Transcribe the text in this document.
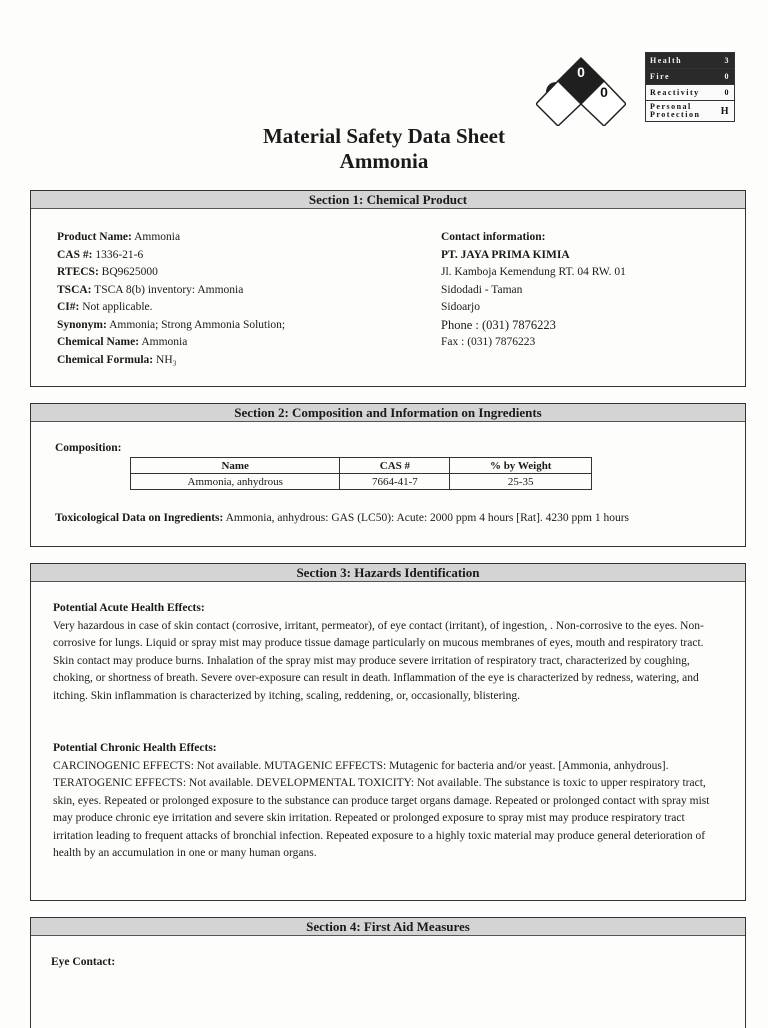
0
2	0
Health	3
Fire	0
Reactivity	0
Personal Protection	H
Material Safety Data Sheet
Ammonia
Section 1: Chemical Product
Product Name: Ammonia
CAS #: 1336-21-6
RTECS: BQ9625000
TSCA: TSCA 8(b) inventory: Ammonia
CI#: Not applicable.
Synonym: Ammonia; Strong Ammonia Solution;
Chemical Name: Ammonia
Chemical Formula: NH₃
Contact information:
PT. JAYA PRIMA KIMIA
Jl. Kamboja Kemendung RT. 04 RW. 01
Sidodadi - Taman
Sidoarjo
Phone : (031) 7876223
Fax : (031) 7876223
Section 2: Composition and Information on Ingredients
Composition:
Name	CAS #	% by Weight
Ammonia, anhydrous	7664-41-7	25-35
Toxicological Data on Ingredients: Ammonia, anhydrous: GAS (LC50): Acute: 2000 ppm 4 hours [Rat]. 4230 ppm 1 hours
Section 3: Hazards Identification
Potential Acute Health Effects:
Very hazardous in case of skin contact (corrosive, irritant, permeator), of eye contact (irritant), of ingestion, . Non-corrosive to the eyes. Non-corrosive for lungs. Liquid or spray mist may produce tissue damage particularly on mucous membranes of eyes, mouth and respiratory tract. Skin contact may produce burns. Inhalation of the spray mist may produce severe irritation of respiratory tract, characterized by coughing, choking, or shortness of breath. Severe over-exposure can result in death. Inflammation of the eye is characterized by redness, watering, and itching. Skin inflammation is characterized by itching, scaling, reddening, or, occasionally, blistering.
Potential Chronic Health Effects:
CARCINOGENIC EFFECTS: Not available. MUTAGENIC EFFECTS: Mutagenic for bacteria and/or yeast. [Ammonia, anhydrous]. TERATOGENIC EFFECTS: Not available. DEVELOPMENTAL TOXICITY: Not available. The substance is toxic to upper respiratory tract, skin, eyes. Repeated or prolonged exposure to the substance can produce target organs damage. Repeated or prolonged contact with spray mist may produce chronic eye irritation and severe skin irritation. Repeated or prolonged exposure to spray mist may produce respiratory tract irritation leading to frequent attacks of bronchial infection. Repeated exposure to a highly toxic material may produce general deterioration of health by an accumulation in one or many human organs.
Section 4: First Aid Measures
Eye Contact:
